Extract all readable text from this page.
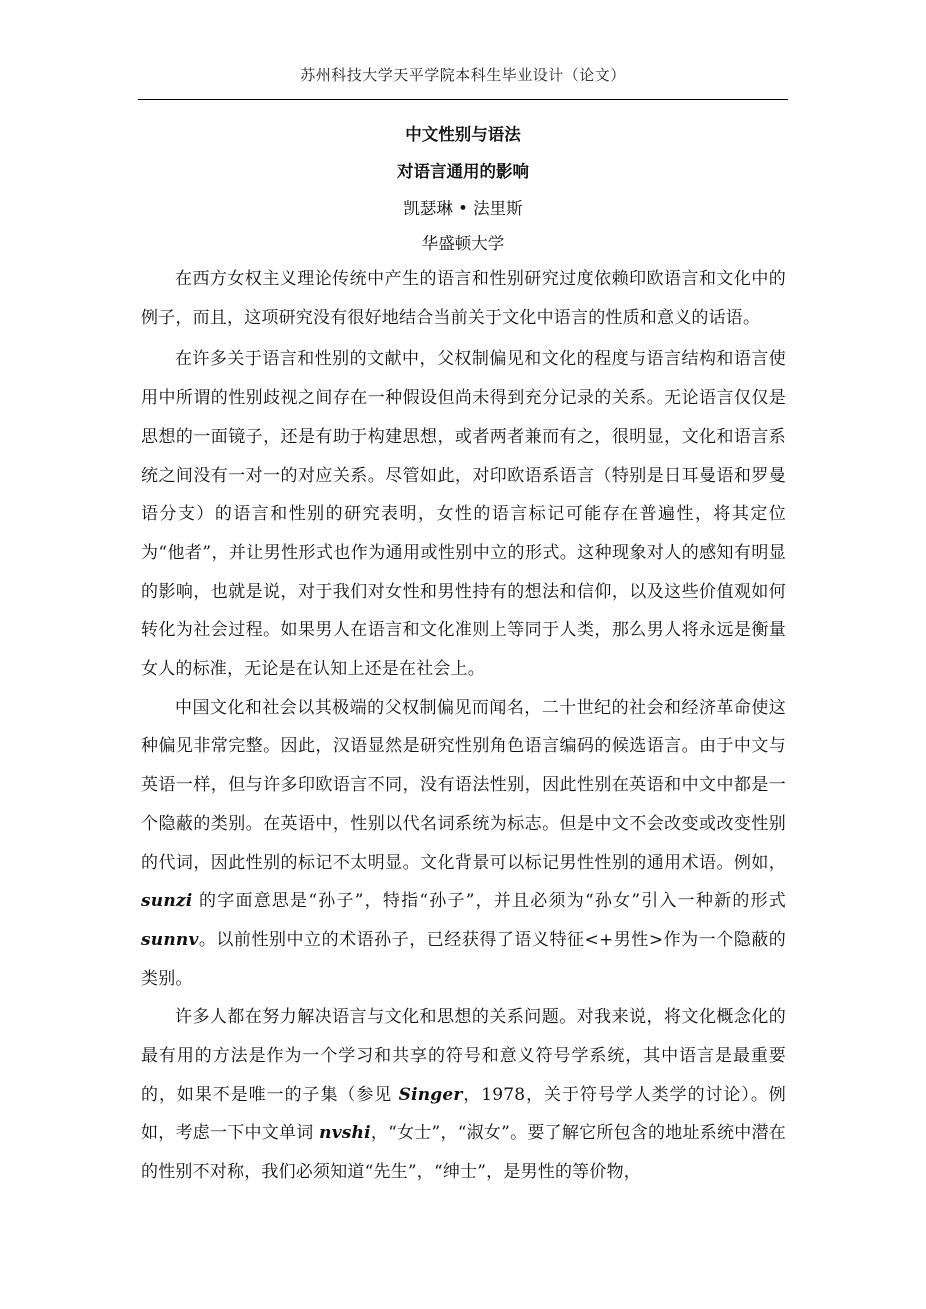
苏州科技大学天平学院本科生毕业设计（论文）
中文性别与语法
对语言通用的影响
凯瑟琳 • 法里斯
华盛顿大学

在西方女权主义理论传统中产生的语言和性别研究过度依赖印欧语言和文化中的例子，而且，这项研究没有很好地结合当前关于文化中语言的性质和意义的话语。

在许多关于语言和性别的文献中，父权制偏见和文化的程度与语言结构和语言使用中所谓的性别歧视之间存在一种假设但尚未得到充分记录的关系。无论语言仅仅是思想的一面镜子，还是有助于构建思想，或者两者兼而有之，很明显，文化和语言系统之间没有一对一的对应关系。尽管如此，对印欧语系语言（特别是日耳曼语和罗曼语分支）的语言和性别的研究表明，女性的语言标记可能存在普遍性，将其定位为“他者”，并让男性形式也作为通用或性别中立的形式。这种现象对人的感知有明显的影响，也就是说，对于我们对女性和男性持有的想法和信仰，以及这些价值观如何转化为社会过程。如果男人在语言和文化准则上等同于人类，那么男人将永远是衡量女人的标准，无论是在认知上还是在社会上。

中国文化和社会以其极端的父权制偏见而闻名，二十世纪的社会和经济革命使这种偏见非常完整。因此，汉语显然是研究性别角色语言编码的候选语言。由于中文与英语一样，但与许多印欧语言不同，没有语法性别，因此性别在英语和中文中都是一个隐蔽的类别。在英语中，性别以代名词系统为标志。但是中文不会改变或改变性别的代词，因此性别的标记不太明显。文化背景可以标记男性性别的通用术语。例如，sunzi 的字面意思是“孙子”，特指“孙子”，并且必须为“孙女”引入一种新的形式 sunnv。以前性别中立的术语孙子，已经获得了语义特征<+男性>作为一个隐蔽的类别。

许多人都在努力解决语言与文化和思想的关系问题。对我来说，将文化概念化的最有用的方法是作为一个学习和共享的符号和意义符号学系统，其中语言是最重要的，如果不是唯一的子集（参见 Singer，1978，关于符号学人类学的讨论）。例如，考虑一下中文单词 nvshi，“女士”，“淑女”。要了解它所包含的地址系统中潜在的性别不对称，我们必须知道“先生”，“绅士”，是男性的等价物，
